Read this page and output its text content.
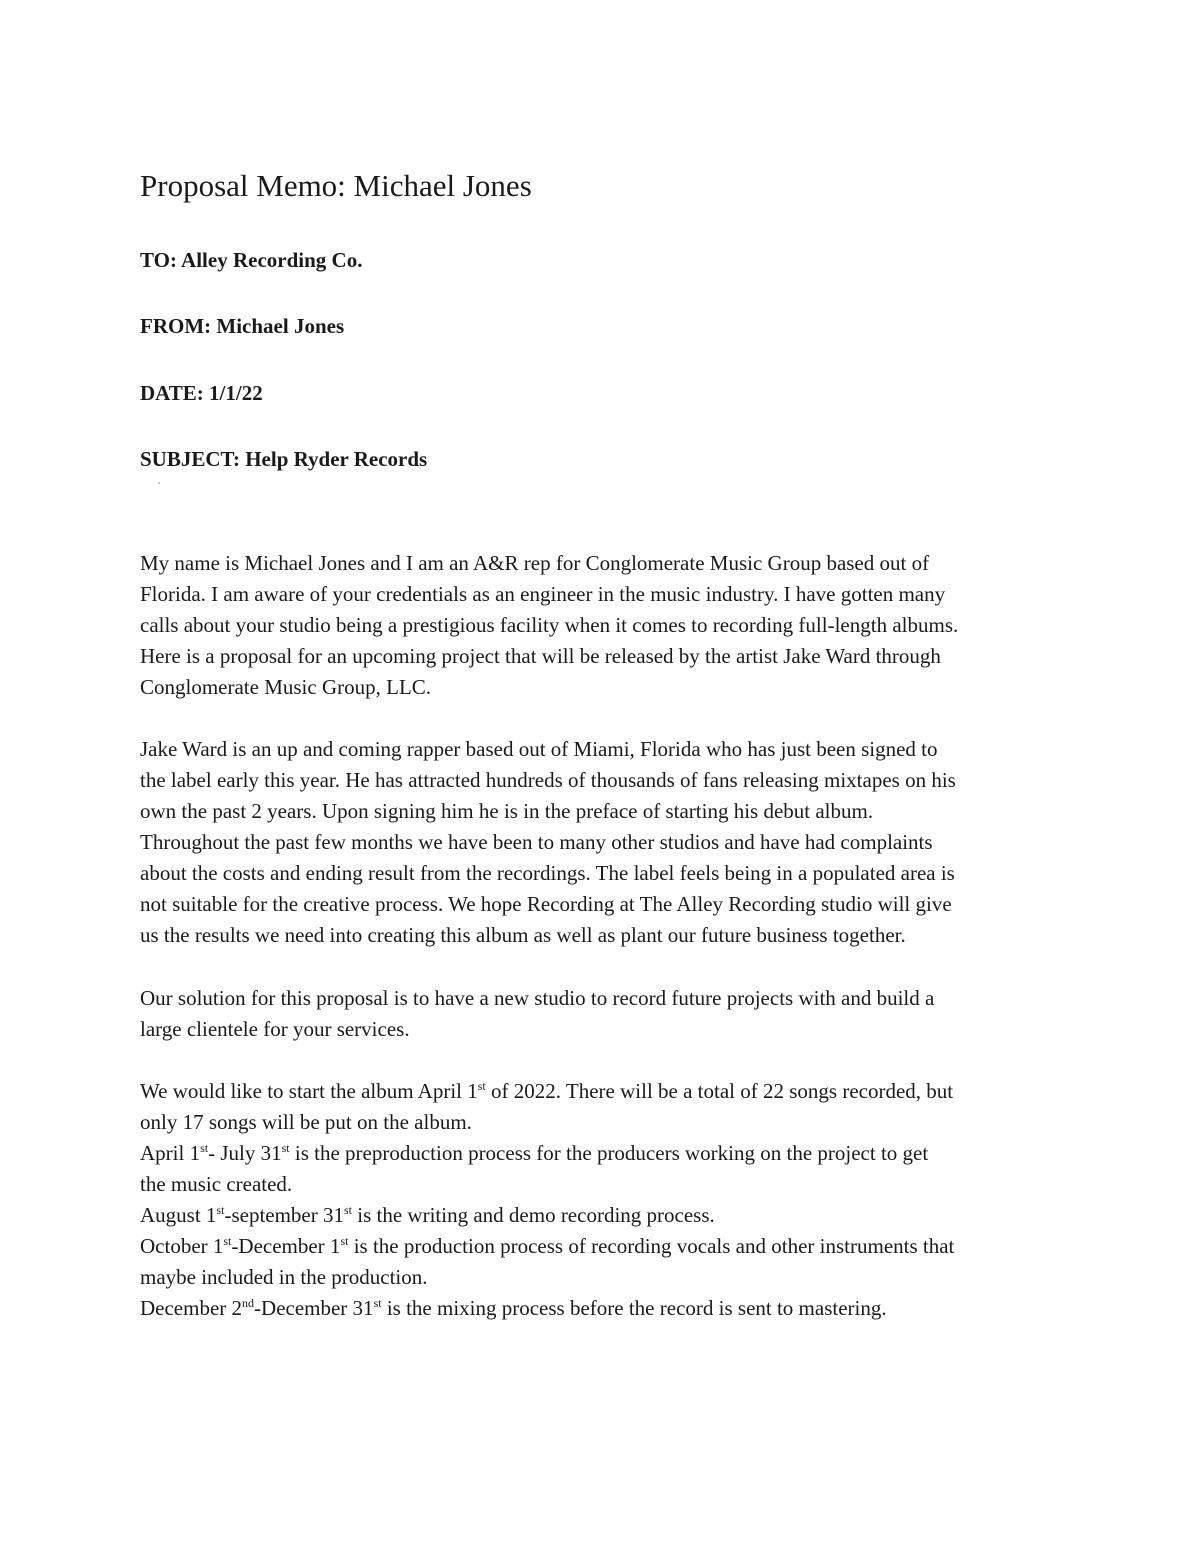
Proposal Memo: Michael Jones
TO: Alley Recording Co.
FROM: Michael Jones
DATE: 1/1/22
SUBJECT: Help Ryder Records

My name is Michael Jones and I am an A&R rep for Conglomerate Music Group based out of
Florida. I am aware of your credentials as an engineer in the music industry. I have gotten many
calls about your studio being a prestigious facility when it comes to recording full-length albums.
Here is a proposal for an upcoming project that will be released by the artist Jake Ward through
Conglomerate Music Group, LLC.

Jake Ward is an up and coming rapper based out of Miami, Florida who has just been signed to
the label early this year. He has attracted hundreds of thousands of fans releasing mixtapes on his
own the past 2 years. Upon signing him he is in the preface of starting his debut album.
Throughout the past few months we have been to many other studios and have had complaints
about the costs and ending result from the recordings. The label feels being in a populated area is
not suitable for the creative process. We hope Recording at The Alley Recording studio will give
us the results we need into creating this album as well as plant our future business together.

Our solution for this proposal is to have a new studio to record future projects with and build a
large clientele for your services.

We would like to start the album April 1st of 2022. There will be a total of 22 songs recorded, but
only 17 songs will be put on the album.
April 1st- July 31st is the preproduction process for the producers working on the project to get
the music created.
August 1st-september 31st is the writing and demo recording process.
October 1st-December 1st is the production process of recording vocals and other instruments that
maybe included in the production.
December 2nd-December 31st is the mixing process before the record is sent to mastering.
